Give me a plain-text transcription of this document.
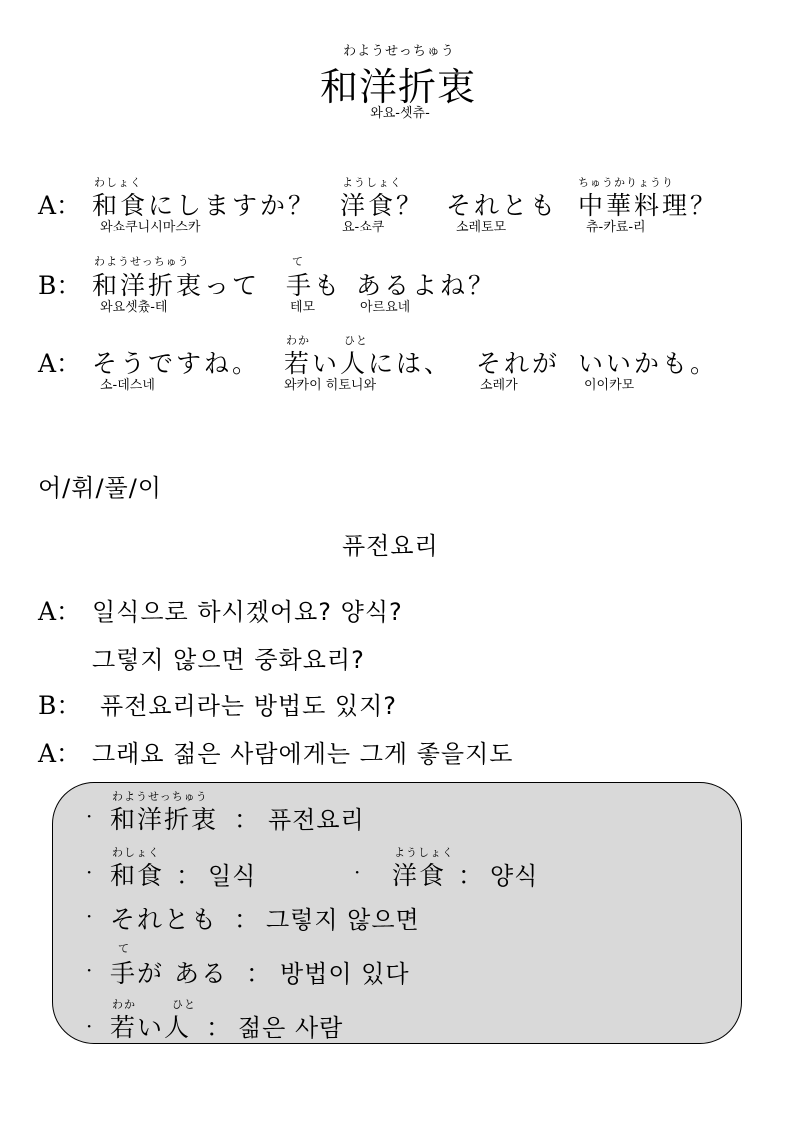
わようせっちゅう
和洋折衷
와요-셋츄-
A：
わしょく
和食にしますか？
와쇼쿠니시마스카
ようしょく
洋食？
요-쇼쿠
それとも
소레토모
ちゅうかりょうり
中華料理？
츄-카료-리
B：
わようせっちゅう
和洋折衷って
와요셋츘-테
て
手も
테모
あるよね？
아르요네
A： そうですね。
소-데스네
わか	ひと
若い人には、
와카이 히토니와
それが
소레가
いいかも。
이이카모
어/휘/풀/이
퓨전요리
A： 일식으로 하시겠어요? 양식?
그렇지 않으면 중화요리?
B： 퓨전요리라는 방법도 있지?
A： 그래요 젊은 사람에게는 그게 좋을지도
·
わようせっちゅう
和洋折衷 ： 퓨전요리
·
わしょく
和食 ： 일식	·
ようしょく
洋食 ： 양식
· それとも ： 그렇지 않으면
·
て
手が ある ： 방법이 있다
·
わか	ひと
若い人 ： 젊은 사람
